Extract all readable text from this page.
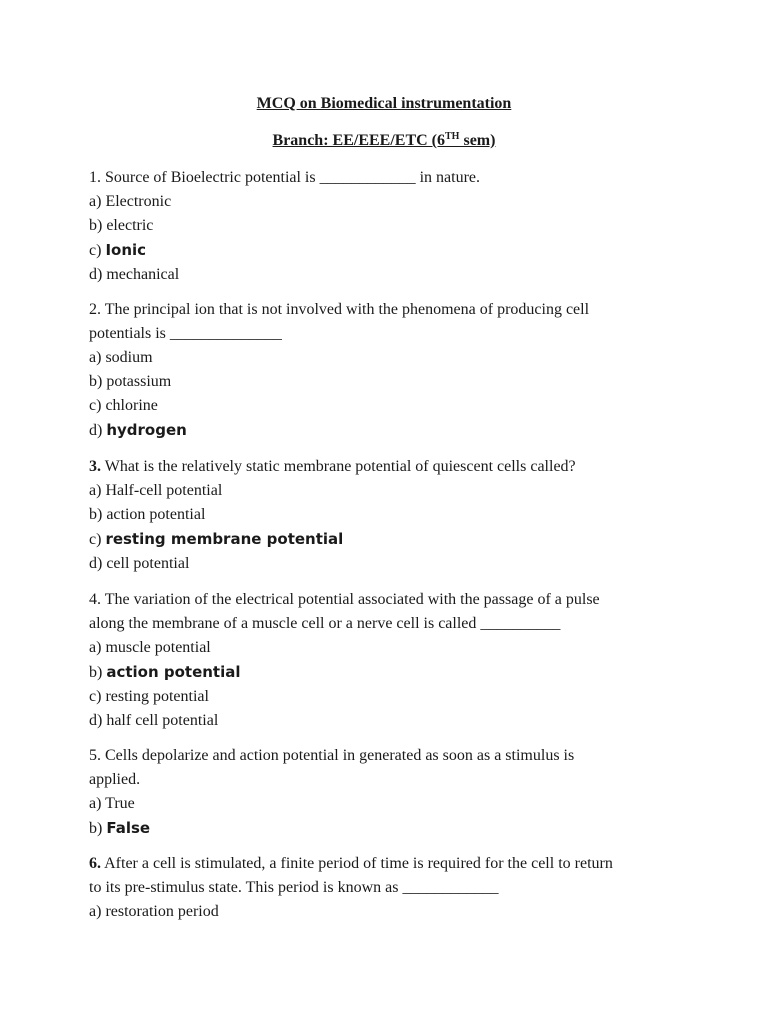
MCQ on Biomedical instrumentation
Branch: EE/EEE/ETC (6TH sem)
1. Source of Bioelectric potential is ____________ in nature.
a) Electronic
b) electric
c) Ionic
d) mechanical
2. The principal ion that is not involved with the phenomena of producing cell
potentials is ______________
a) sodium
b) potassium
c) chlorine
d) hydrogen
3. What is the relatively static membrane potential of quiescent cells called?
a) Half-cell potential
b) action potential
c) resting membrane potential
d) cell potential
4. The variation of the electrical potential associated with the passage of a pulse
along the membrane of a muscle cell or a nerve cell is called __________
a) muscle potential
b) action potential
c) resting potential
d) half cell potential
5. Cells depolarize and action potential in generated as soon as a stimulus is
applied.
a) True
b) False
6. After a cell is stimulated, a finite period of time is required for the cell to return
to its pre-stimulus state. This period is known as ____________
a) restoration period
